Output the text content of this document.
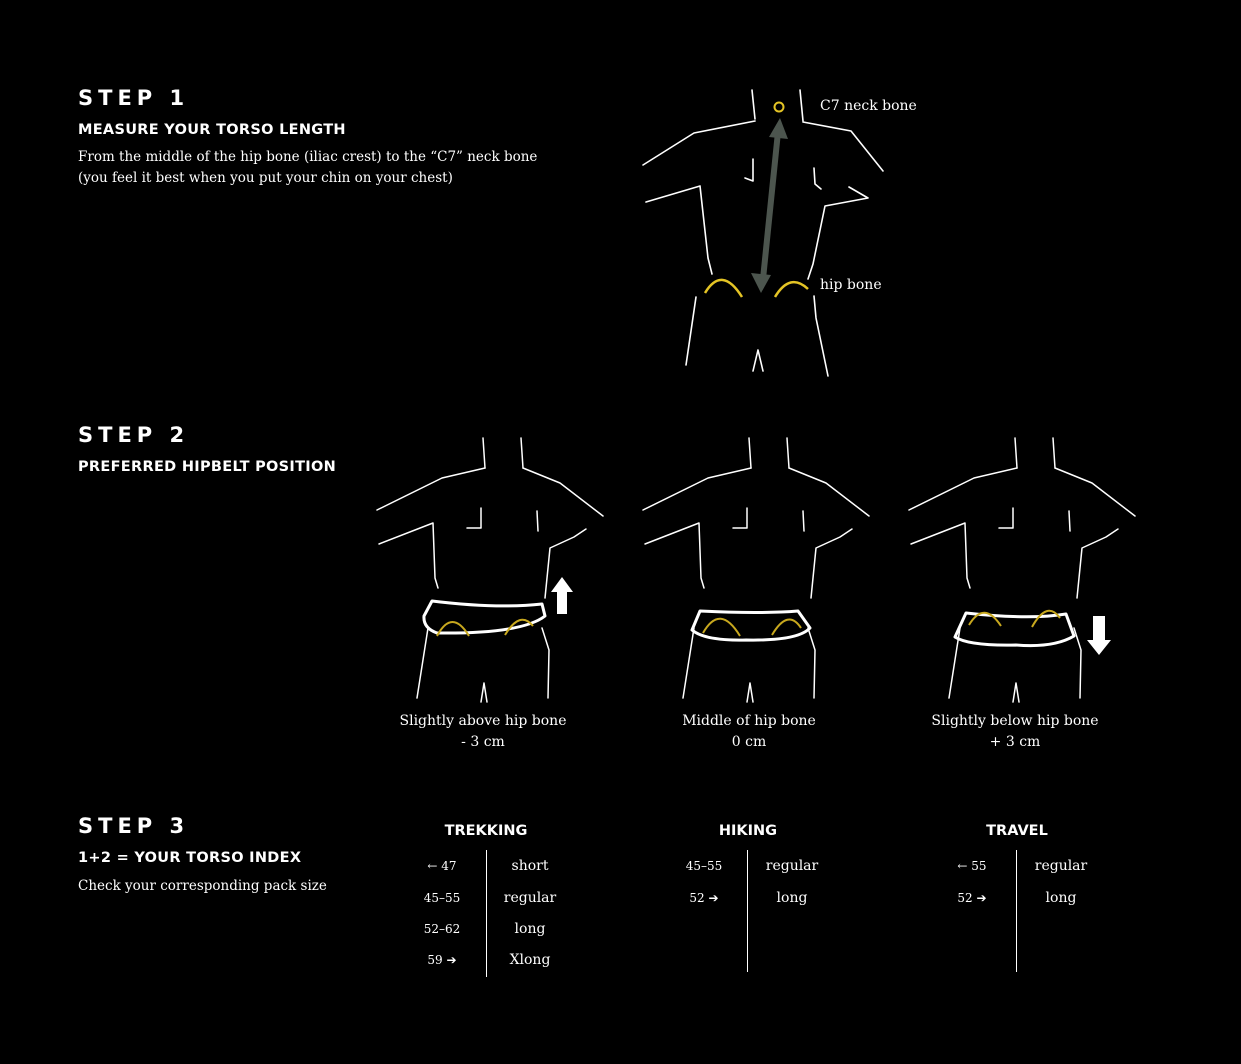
STEP 1
MEASURE YOUR TORSO LENGTH
From the middle of the hip bone (iliac crest) to the “C7” neck bone
(you feel it best when you put your chin on your chest)
C7 neck bone
hip bone
STEP 2
PREFERRED HIPBELT POSITION
Slightly above hip bone
- 3 cm
Middle of hip bone
0 cm
Slightly below hip bone
+ 3 cm
STEP 3
1+2 = YOUR TORSO INDEX
Check your corresponding pack size
TREKKING
← 47	short
45–55	regular
52–62	long
59 ➔	Xlong
HIKING
45–55	regular
52 ➔	long
TRAVEL
← 55	regular
52 ➔	long
